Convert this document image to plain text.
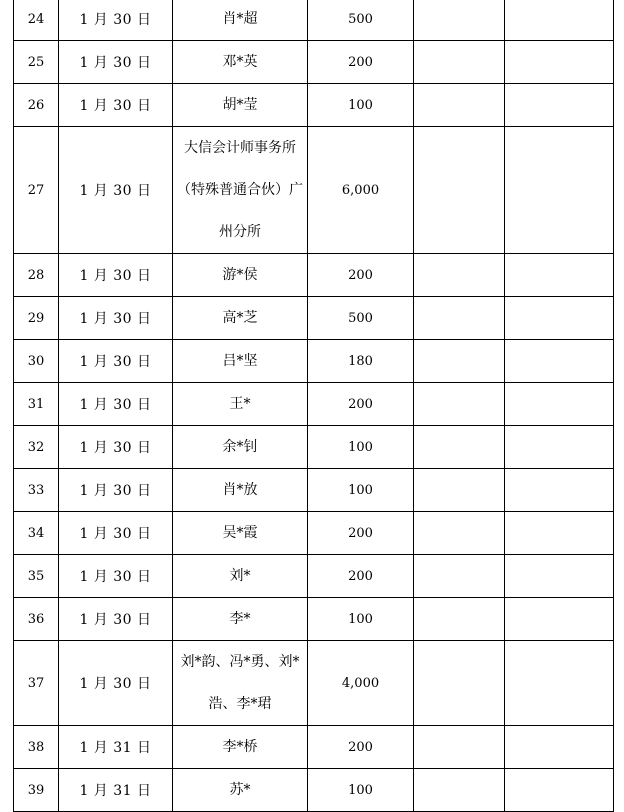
24	1 月 30 日	肖*超	500		
25	1 月 30 日	邓*英	200		
26	1 月 30 日	胡*莹	100		
27	1 月 30 日	大信会计师事务所（特殊普通合伙）广州分所	6,000		
28	1 月 30 日	游*侯	200		
29	1 月 30 日	高*芝	500		
30	1 月 30 日	吕*坚	180		
31	1 月 30 日	王*	200		
32	1 月 30 日	余*钊	100		
33	1 月 30 日	肖*放	100		
34	1 月 30 日	吴*霞	200		
35	1 月 30 日	刘*	200		
36	1 月 30 日	李*	100		
37	1 月 30 日	刘*韵、冯*勇、刘*浩、李*珺	4,000		
38	1 月 31 日	李*桥	200		
39	1 月 31 日	苏*	100		
